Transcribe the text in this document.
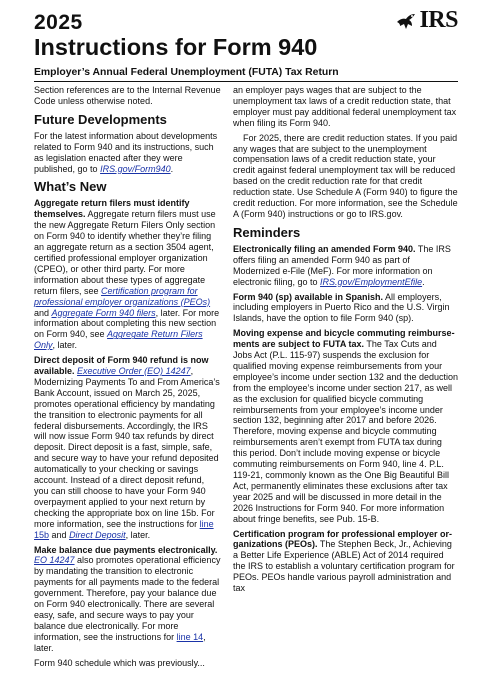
2025	IRS
Instructions for Form 940
Employer’s Annual Federal Unemployment (FUTA) Tax Return

Section references are to the Internal Revenue Code unless otherwise noted.

Future Developments

For the latest information about developments related to Form 940 and its instructions, such as legislation enacted after they were published, go to IRS.gov/Form940.

What’s New

Aggregate return filers must identify themselves. Aggregate return filers must use the new Aggregate Return Filers Only section on Form 940 to identify whether they’re filing an aggregate return as a section 3504 agent, certified professional employer organization (CPEO), or other third party. For more information about these types of aggregate return filers, see Certification program for professional employer organizations (PEOs) and Aggregate Form 940 filers, later. For more information about completing this new section on Form 940, see Aggregate Return Filers Only, later.

Direct deposit of Form 940 refund is now available. Executive Order (EO) 14247, Modernizing Payments To and From America’s Bank Account, issued on March 25, 2025, promotes operational efficiency by mandating the transition to electronic payments for all federal disbursements. Accordingly, the IRS will now issue Form 940 tax refunds by direct deposit. Direct deposit is a fast, simple, safe, and secure way to have your refund deposited automatically to your checking or savings account. Instead of a direct deposit refund, you can still choose to have your Form 940 overpayment applied to your next return by checking the appropriate box on line 15b. For more information, see the instructions for line 15b and Direct Deposit, later.

Make balance due payments electronically. EO 14247 also promotes operational efficiency by mandating the transition to electronic payments for all payments made to the federal government. Therefore, pay your balance due on Form 940 electronically. There are several easy, safe, and secure ways to pay your balance due electronically. For more information, see the instructions for line 14, later.

Form 940 schedule which was previously...

an employer pays wages that are subject to the unemployment tax laws of a credit reduction state, that employer must pay additional federal unemployment tax when filing its Form 940.

For 2025, there are credit reduction states. If you paid any wages that are subject to the unemployment compensation laws of a credit reduction state, your credit against federal unemployment tax will be reduced based on the credit reduction rate for that credit reduction state. Use Schedule A (Form 940) to figure the credit reduction. For more information, see the Schedule A (Form 940) instructions or go to IRS.gov.

Reminders

Electronically filing an amended Form 940. The IRS offers filing an amended Form 940 as part of Modernized e-File (MeF). For more information on electronic filing, go to IRS.gov/EmploymentEfile.

Form 940 (sp) available in Spanish. All employers, including employers in Puerto Rico and the U.S. Virgin Islands, have the option to file Form 940 (sp).

Moving expense and bicycle commuting reimbursements are subject to FUTA tax. The Tax Cuts and Jobs Act (P.L. 115-97) suspends the exclusion for qualified moving expense reimbursements from your employee’s income under section 132 and the deduction from the employee’s income under section 217, as well as the exclusion for qualified bicycle commuting reimbursements from your employee’s income under section 132, beginning after 2017 and before 2026. Therefore, moving expense and bicycle commuting reimbursements aren’t exempt from FUTA tax during this period. Don’t include moving expense or bicycle commuting reimbursements on Form 940, line 4. P.L. 119-21, commonly known as the One Big Beautiful Bill Act, permanently eliminates these exclusions after tax year 2025 and will be discussed in more detail in the 2026 Instructions for Form 940. For more information about fringe benefits, see Pub. 15-B.

Certification program for professional employer organizations (PEOs). The Stephen Beck, Jr., Achieving a Better Life Experience (ABLE) Act of 2014 required the IRS to establish a voluntary certification program for PEOs. PEOs handle various payroll administration and tax
